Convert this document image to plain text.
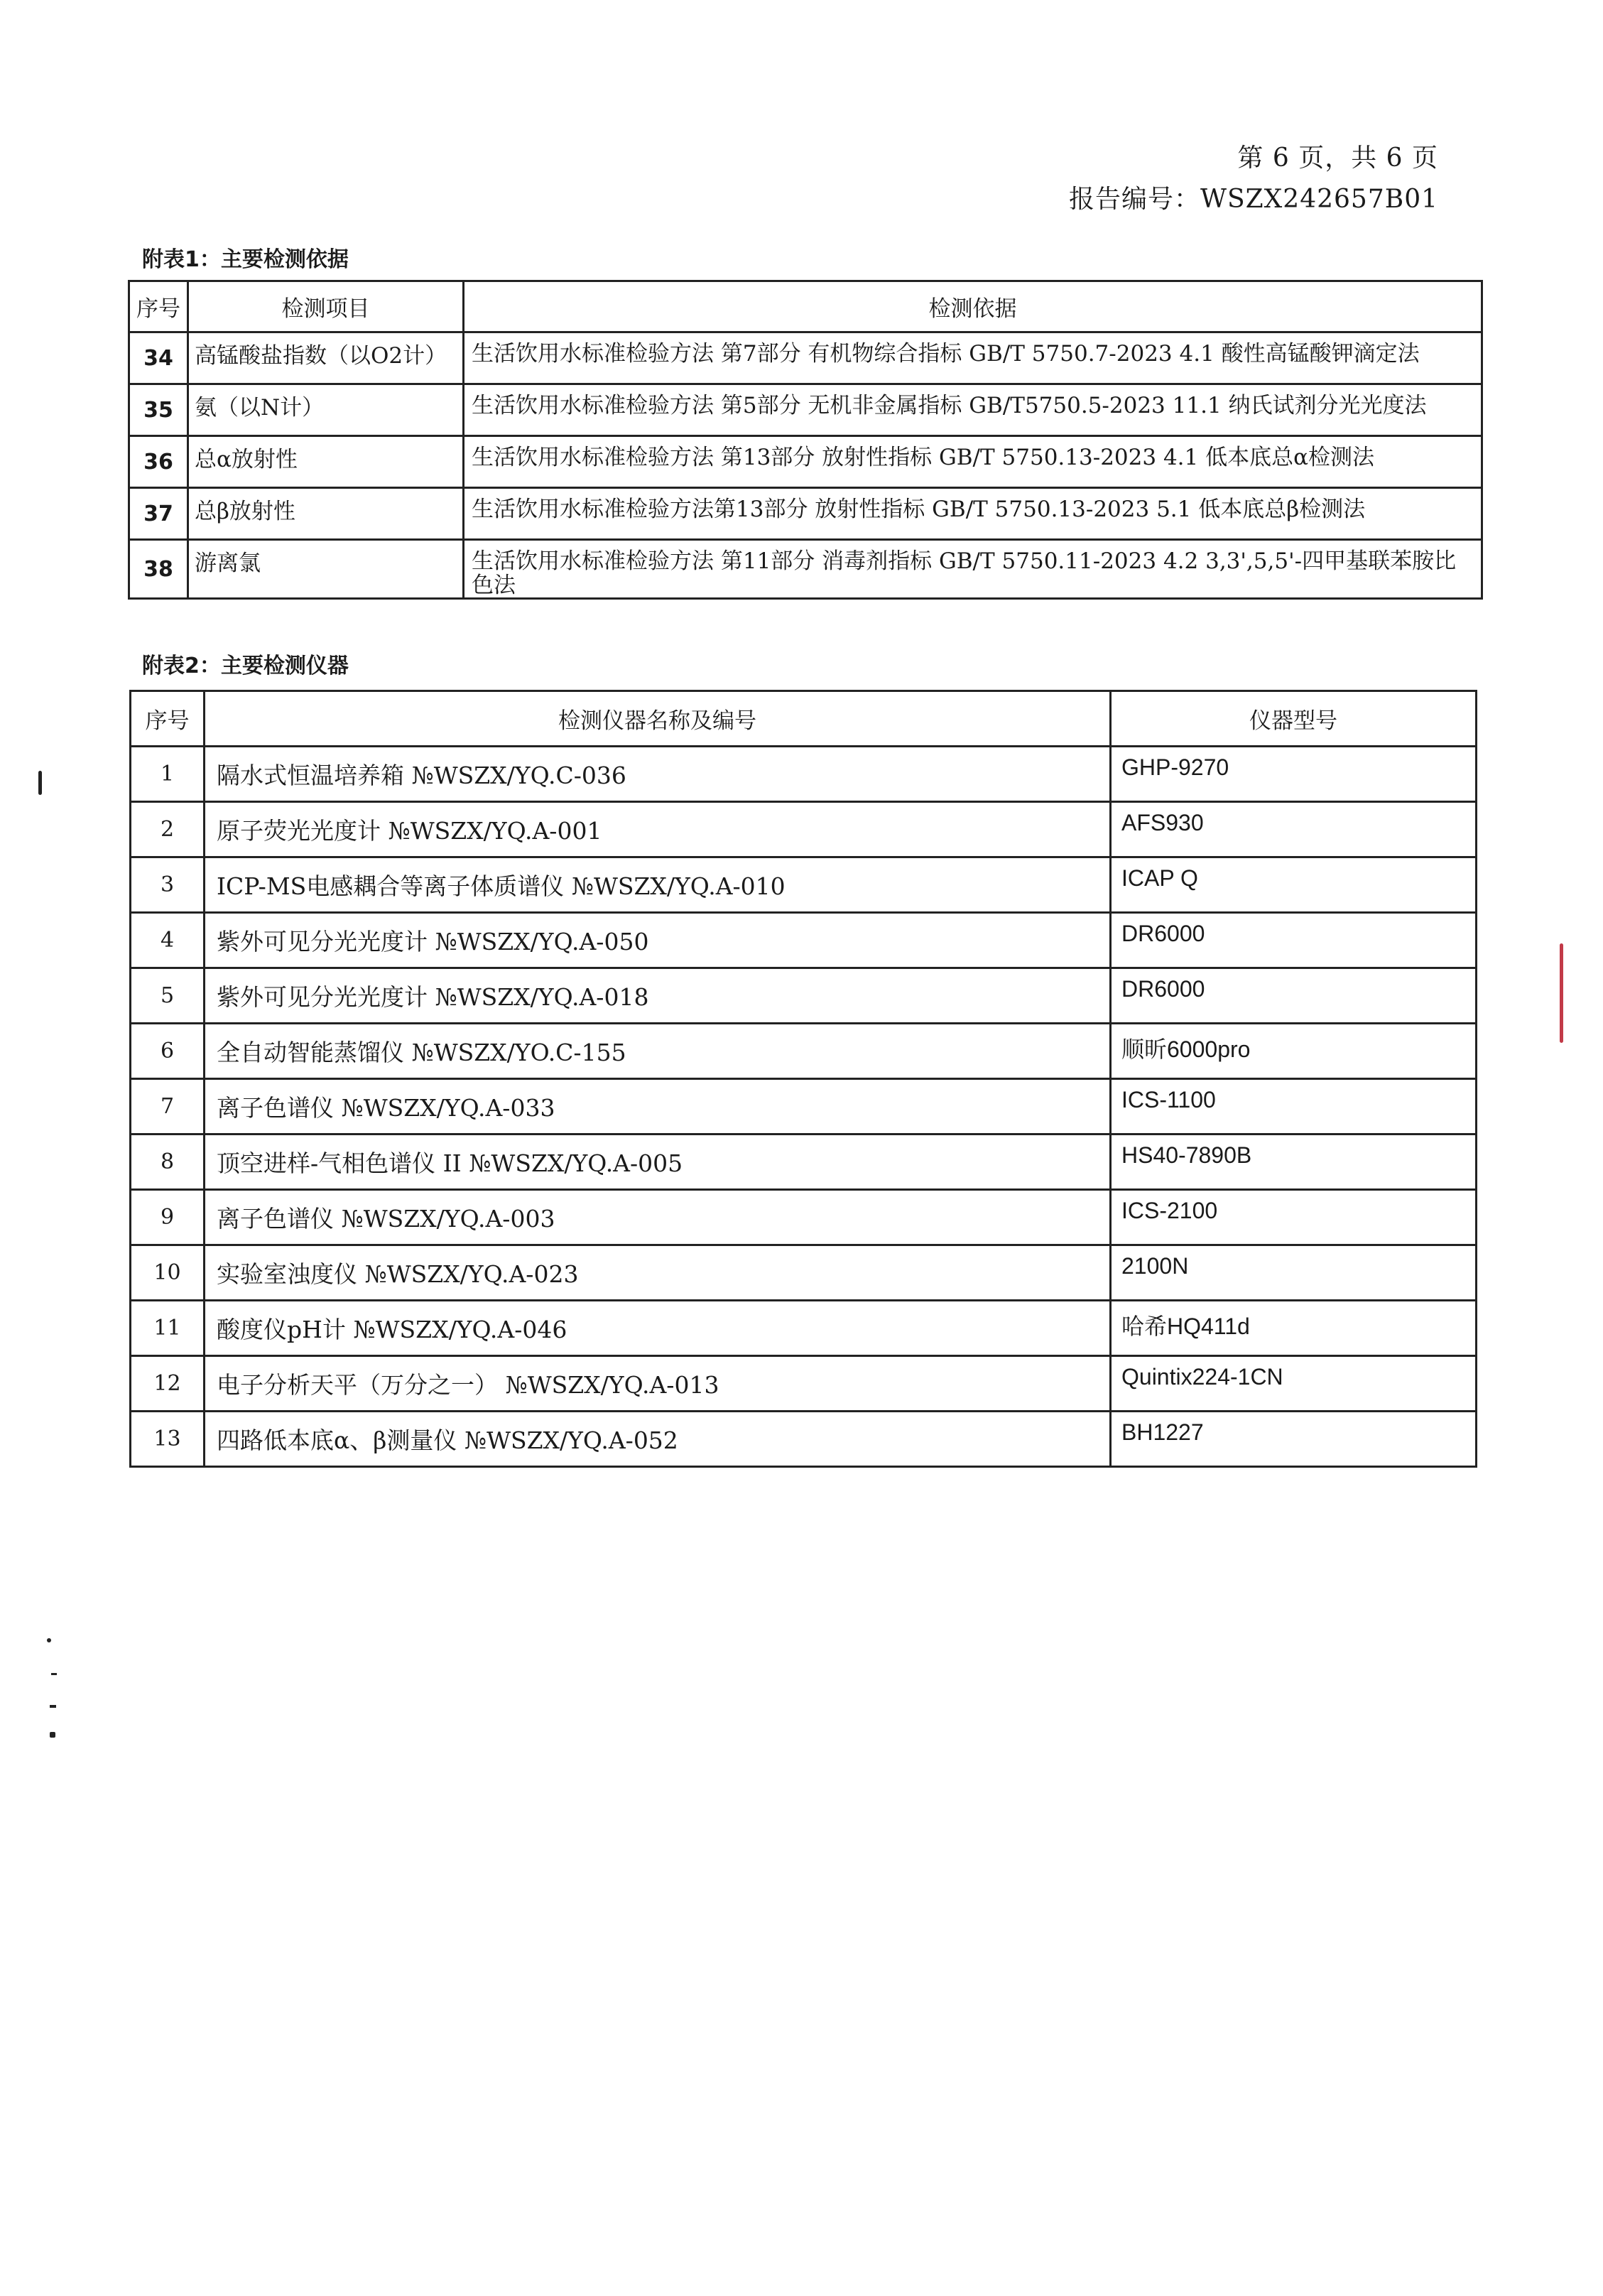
第 6 页，共 6 页
报告编号：WSZX242657B01
附表1：主要检测依据
序号	检测项目	检测依据
34	高锰酸盐指数（以O2计）	生活饮用水标准检验方法 第7部分 有机物综合指标 GB/T 5750.7-2023 4.1 酸性高锰酸钾滴定法
35	氨（以N计）	生活饮用水标准检验方法 第5部分 无机非金属指标 GB/T5750.5-2023 11.1 纳氏试剂分光光度法
36	总α放射性	生活饮用水标准检验方法 第13部分 放射性指标 GB/T 5750.13-2023 4.1 低本底总α检测法
37	总β放射性	生活饮用水标准检验方法第13部分 放射性指标 GB/T 5750.13-2023 5.1 低本底总β检测法
38	游离氯	生活饮用水标准检验方法 第11部分 消毒剂指标 GB/T 5750.11-2023 4.2 3,3',5,5'-四甲基联苯胺比色法
附表2：主要检测仪器
序号	检测仪器名称及编号	仪器型号
1	隔水式恒温培养箱 №WSZX/YQ.C-036	GHP-9270
2	原子荧光光度计 №WSZX/YQ.A-001	AFS930
3	ICP-MS电感耦合等离子体质谱仪 №WSZX/YQ.A-010	ICAP Q
4	紫外可见分光光度计 №WSZX/YQ.A-050	DR6000
5	紫外可见分光光度计 №WSZX/YQ.A-018	DR6000
6	全自动智能蒸馏仪 №WSZX/YO.C-155	顺昕6000pro
7	离子色谱仪 №WSZX/YQ.A-033	ICS-1100
8	顶空进样-气相色谱仪 II №WSZX/YQ.A-005	HS40-7890B
9	离子色谱仪 №WSZX/YQ.A-003	ICS-2100
10	实验室浊度仪 №WSZX/YQ.A-023	2100N
11	酸度仪pH计 №WSZX/YQ.A-046	哈希HQ411d
12	电子分析天平（万分之一） №WSZX/YQ.A-013	Quintix224-1CN
13	四路低本底α、β测量仪 №WSZX/YQ.A-052	BH1227
